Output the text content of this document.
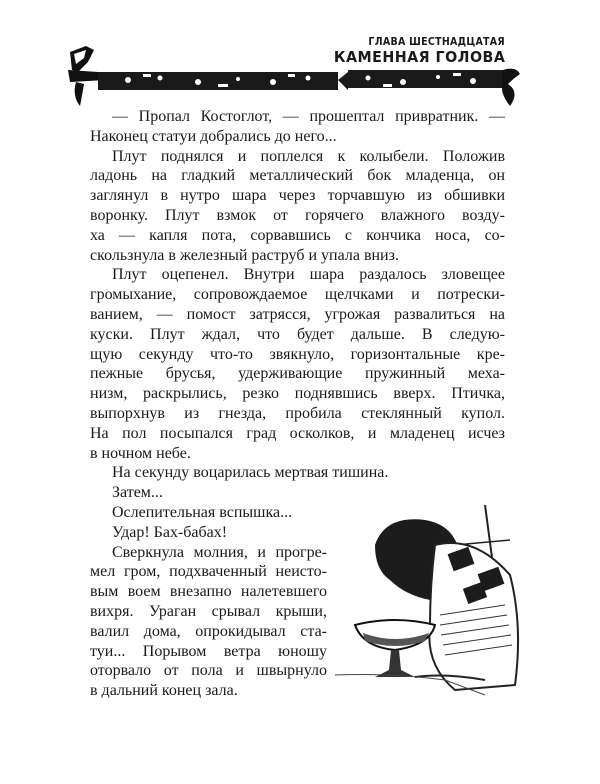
ГЛАВА ШЕСТНАДЦАТАЯ
КАМЕННАЯ ГОЛОВА
— Пропал Костоглот, — прошептал привратник. —
Наконец статуи добрались до него...
Плут поднялся и поплелся к колыбели. Положив
ладонь на гладкий металлический бок младенца, он
заглянул в нутро шара через торчавшую из обшивки
воронку. Плут взмок от горячего влажного возду-
ха — капля пота, сорвавшись с кончика носа, со-
скользнула в железный раструб и упала вниз.
Плут оцепенел. Внутри шара раздалось зловещее
громыхание, сопровождаемое щелчками и потрески-
ванием, — помост затрясся, угрожая развалиться на
куски. Плут ждал, что будет дальше. В следую-
щую секунду что-то звякнуло, горизонтальные кре-
пежные брусья, удерживающие пружинный меха-
низм, раскрылись, резко поднявшись вверх. Птичка,
выпорхнув из гнезда, пробила стеклянный купол.
На пол посыпался град осколков, и младенец исчез
в ночном небе.
На секунду воцарилась мертвая тишина.
Затем...
Ослепительная вспышка...
Удар! Бах-бабах!
Сверкнула молния, и прогре-
мел гром, подхваченный неисто-
вым воем внезапно налетевшего
вихря. Ураган срывал крыши,
валил дома, опрокидывал ста-
туи... Порывом ветра юношу
оторвало от пола и швырнуло
в дальний конец зала.
